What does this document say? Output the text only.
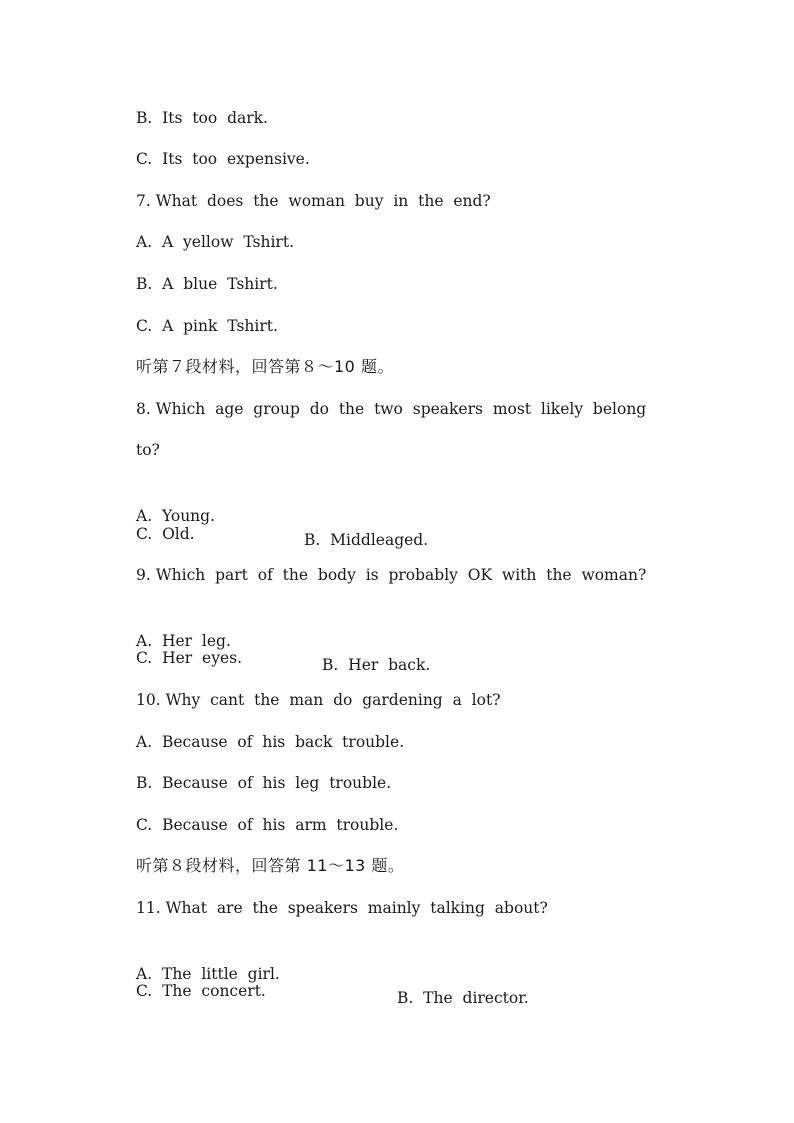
B.  Its  too  dark.
C.  Its  too  expensive.
7. What  does  the  woman  buy  in  the  end?
A.  A  yellow  Tshirt.
B.  A  blue  Tshirt.
C.  A  pink  Tshirt.
听第７段材料，回答第８～10 题。
8. Which  age  group  do  the  two  speakers  most  likely  belong
to?

A.  Young.

B.  Middleaged.

C.  Old.
9. Which  part  of  the  body  is  probably  OK  with  the  woman?

A.  Her  leg.

B.  Her  back.

C.  Her  eyes.
10. Why  cant  the  man  do  gardening  a  lot?
A.  Because  of  his  back  trouble.
B.  Because  of  his  leg  trouble.
C.  Because  of  his  arm  trouble.
听第８段材料，回答第 11～13 题。
11. What  are  the  speakers  mainly  talking  about?

A.  The  little  girl.

B.  The  director.

C.  The  concert.
